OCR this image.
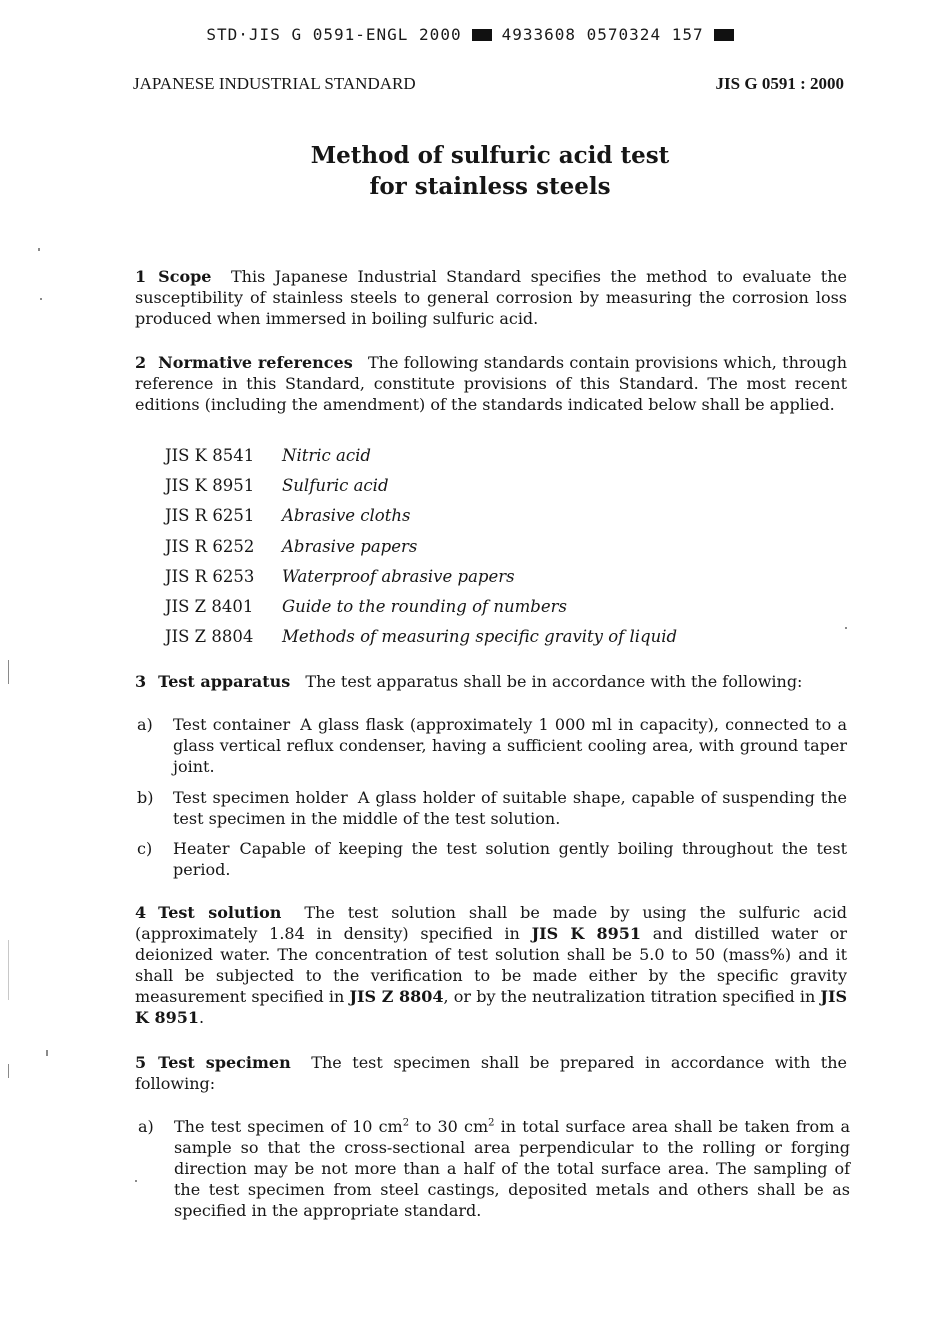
STD·JIS G 0591-ENGL 2000	4933608 0570324 157
JAPANESE INDUSTRIAL STANDARD	JIS G 0591 : 2000
Method of sulfuric acid test
for stainless steels

1 Scope This Japanese Industrial Standard specifies the method to evaluate the susceptibility of stainless steels to general corrosion by measuring the corrosion loss produced when immersed in boiling sulfuric acid.

2 Normative references The following standards contain provisions which, through reference in this Standard, constitute provisions of this Standard. The most recent editions (including the amendment) of the standards indicated below shall be applied.

JIS K 8541 Nitric acid
JIS K 8951 Sulfuric acid
JIS R 6251 Abrasive cloths
JIS R 6252 Abrasive papers
JIS R 6253 Waterproof abrasive papers
JIS Z 8401 Guide to the rounding of numbers
JIS Z 8804 Methods of measuring specific gravity of liquid

3 Test apparatus The test apparatus shall be in accordance with the following:

a) Test container A glass flask (approximately 1 000 ml in capacity), connected to a glass vertical reflux condenser, having a sufficient cooling area, with ground taper joint.
b) Test specimen holder A glass holder of suitable shape, capable of suspending the test specimen in the middle of the test solution.
c) Heater Capable of keeping the test solution gently boiling throughout the test period.

4 Test solution The test solution shall be made by using the sulfuric acid (approximately 1.84 in density) specified in JIS K 8951 and distilled water or deionized water. The concentration of test solution shall be 5.0 to 50 (mass%) and it shall be subjected to the verification to be made either by the specific gravity measurement specified in JIS Z 8804, or by the neutralization titration specified in JIS K 8951.

5 Test specimen The test specimen shall be prepared in accordance with the following:

a) The test specimen of 10 $cm^2$ to 30 $cm^2$ in total surface area shall be taken from a sample so that the cross-sectional area perpendicular to the rolling or forging direction may be not more than a half of the total surface area. The sampling of the test specimen from steel castings, deposited metals and others shall be as specified in the appropriate standard.
